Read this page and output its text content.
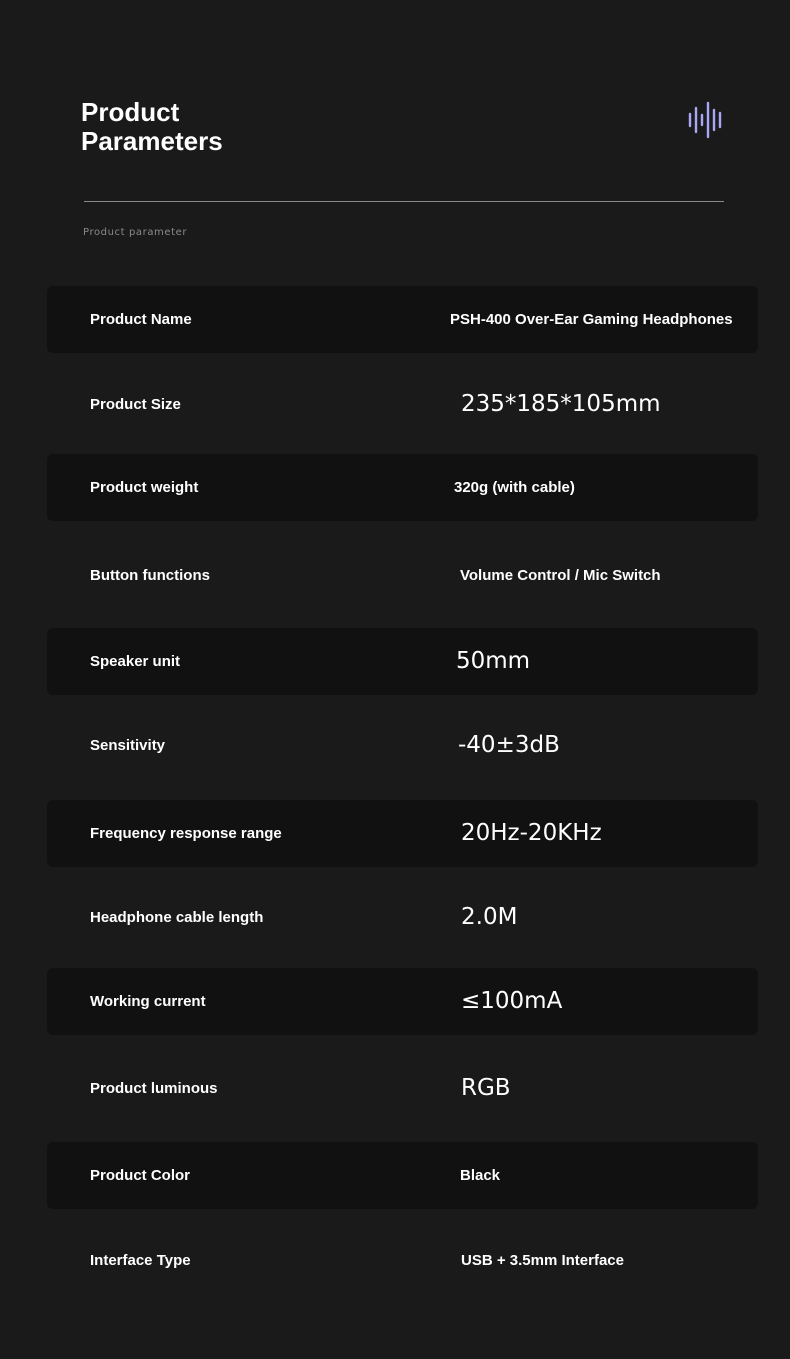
Product
Parameters
Product parameter
Product Name	PSH-400 Over-Ear Gaming Headphones
Product Size	235*185*105mm
Product weight	320g (with cable)
Button functions	Volume Control / Mic Switch
Speaker unit	50mm
Sensitivity	-40±3dB
Frequency response range	20Hz-20KHz
Headphone cable length	2.0M
Working current	≤100mA
Product luminous	RGB
Product Color	Black
Interface Type	USB + 3.5mm Interface
